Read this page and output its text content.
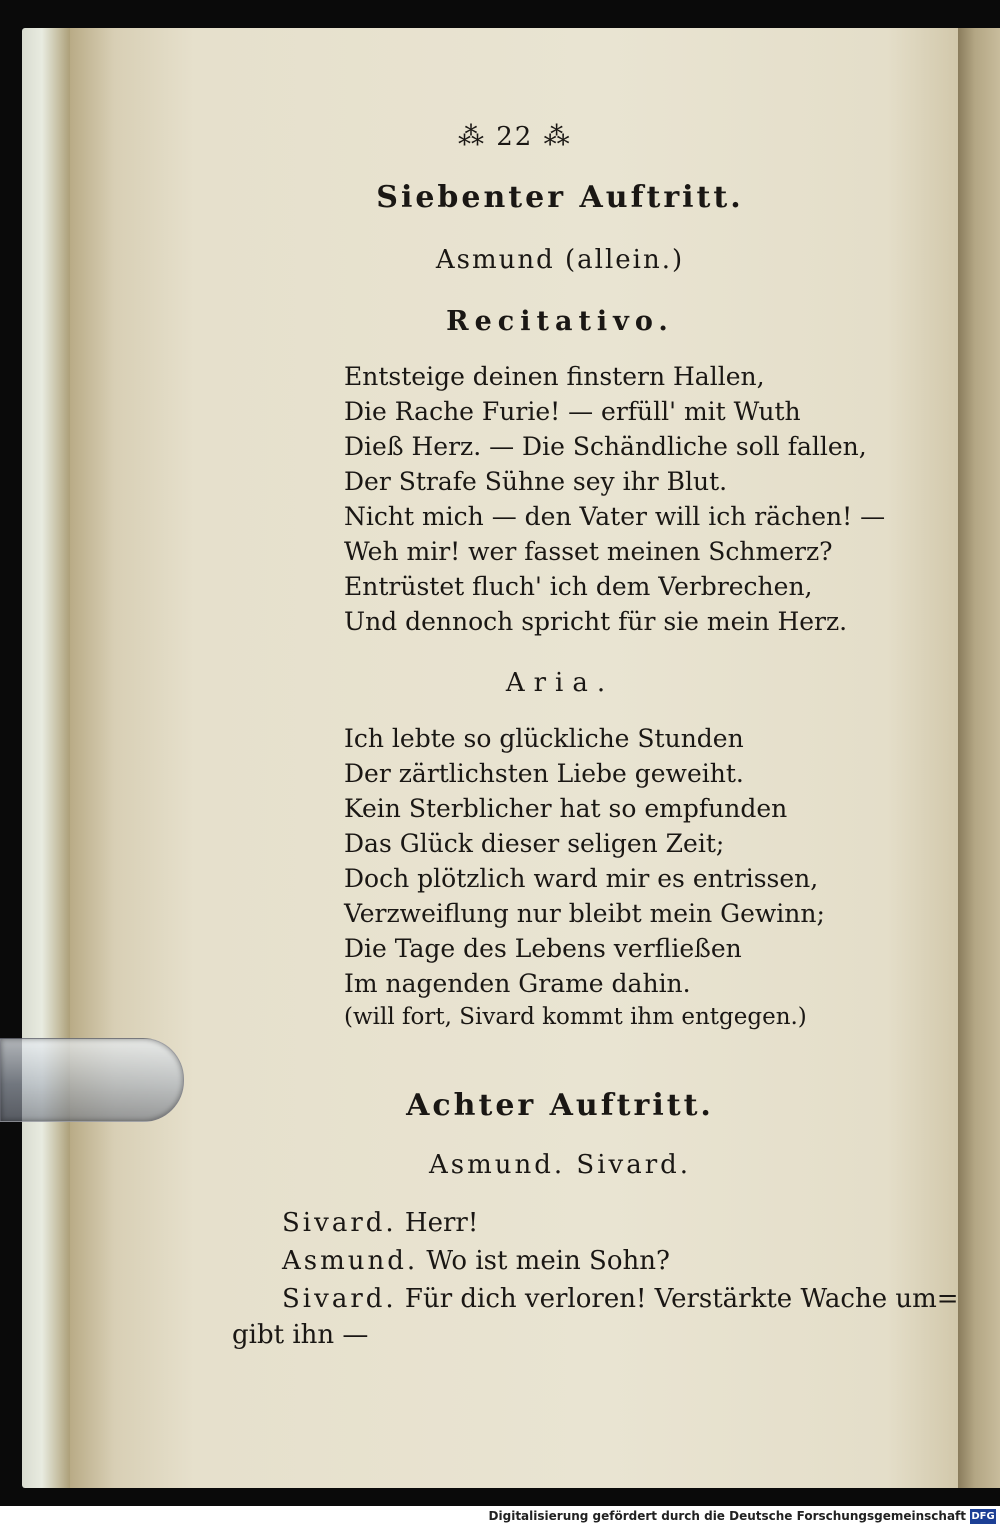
⁂ 22 ⁂
Siebenter Auftritt.
Asmund (allein.)
Recitativo.
Entsteige deinen finstern Hallen,
Die Rache Furie! — erfüll' mit Wuth
Dieß Herz. — Die Schändliche soll fallen,
Der Strafe Sühne sey ihr Blut.
Nicht mich — den Vater will ich rächen! —
Weh mir! wer fasset meinen Schmerz?
Entrüstet fluch' ich dem Verbrechen,
Und dennoch spricht für sie mein Herz.
Aria.
Ich lebte so glückliche Stunden
Der zärtlichsten Liebe geweiht.
Kein Sterblicher hat so empfunden
Das Glück dieser seligen Zeit;
Doch plötzlich ward mir es entrissen,
Verzweiflung nur bleibt mein Gewinn;
Die Tage des Lebens verfließen
Im nagenden Grame dahin.
(will fort, Sivard kommt ihm entgegen.)
Achter Auftritt.
Asmund. Sivard.
Sivard. Herr!
Asmund. Wo ist mein Sohn?
Sivard. Für dich verloren! Verstärkte Wache um=
gibt ihn —
Digitalisierung gefördert durch die Deutsche Forschungsgemeinschaft DFG
